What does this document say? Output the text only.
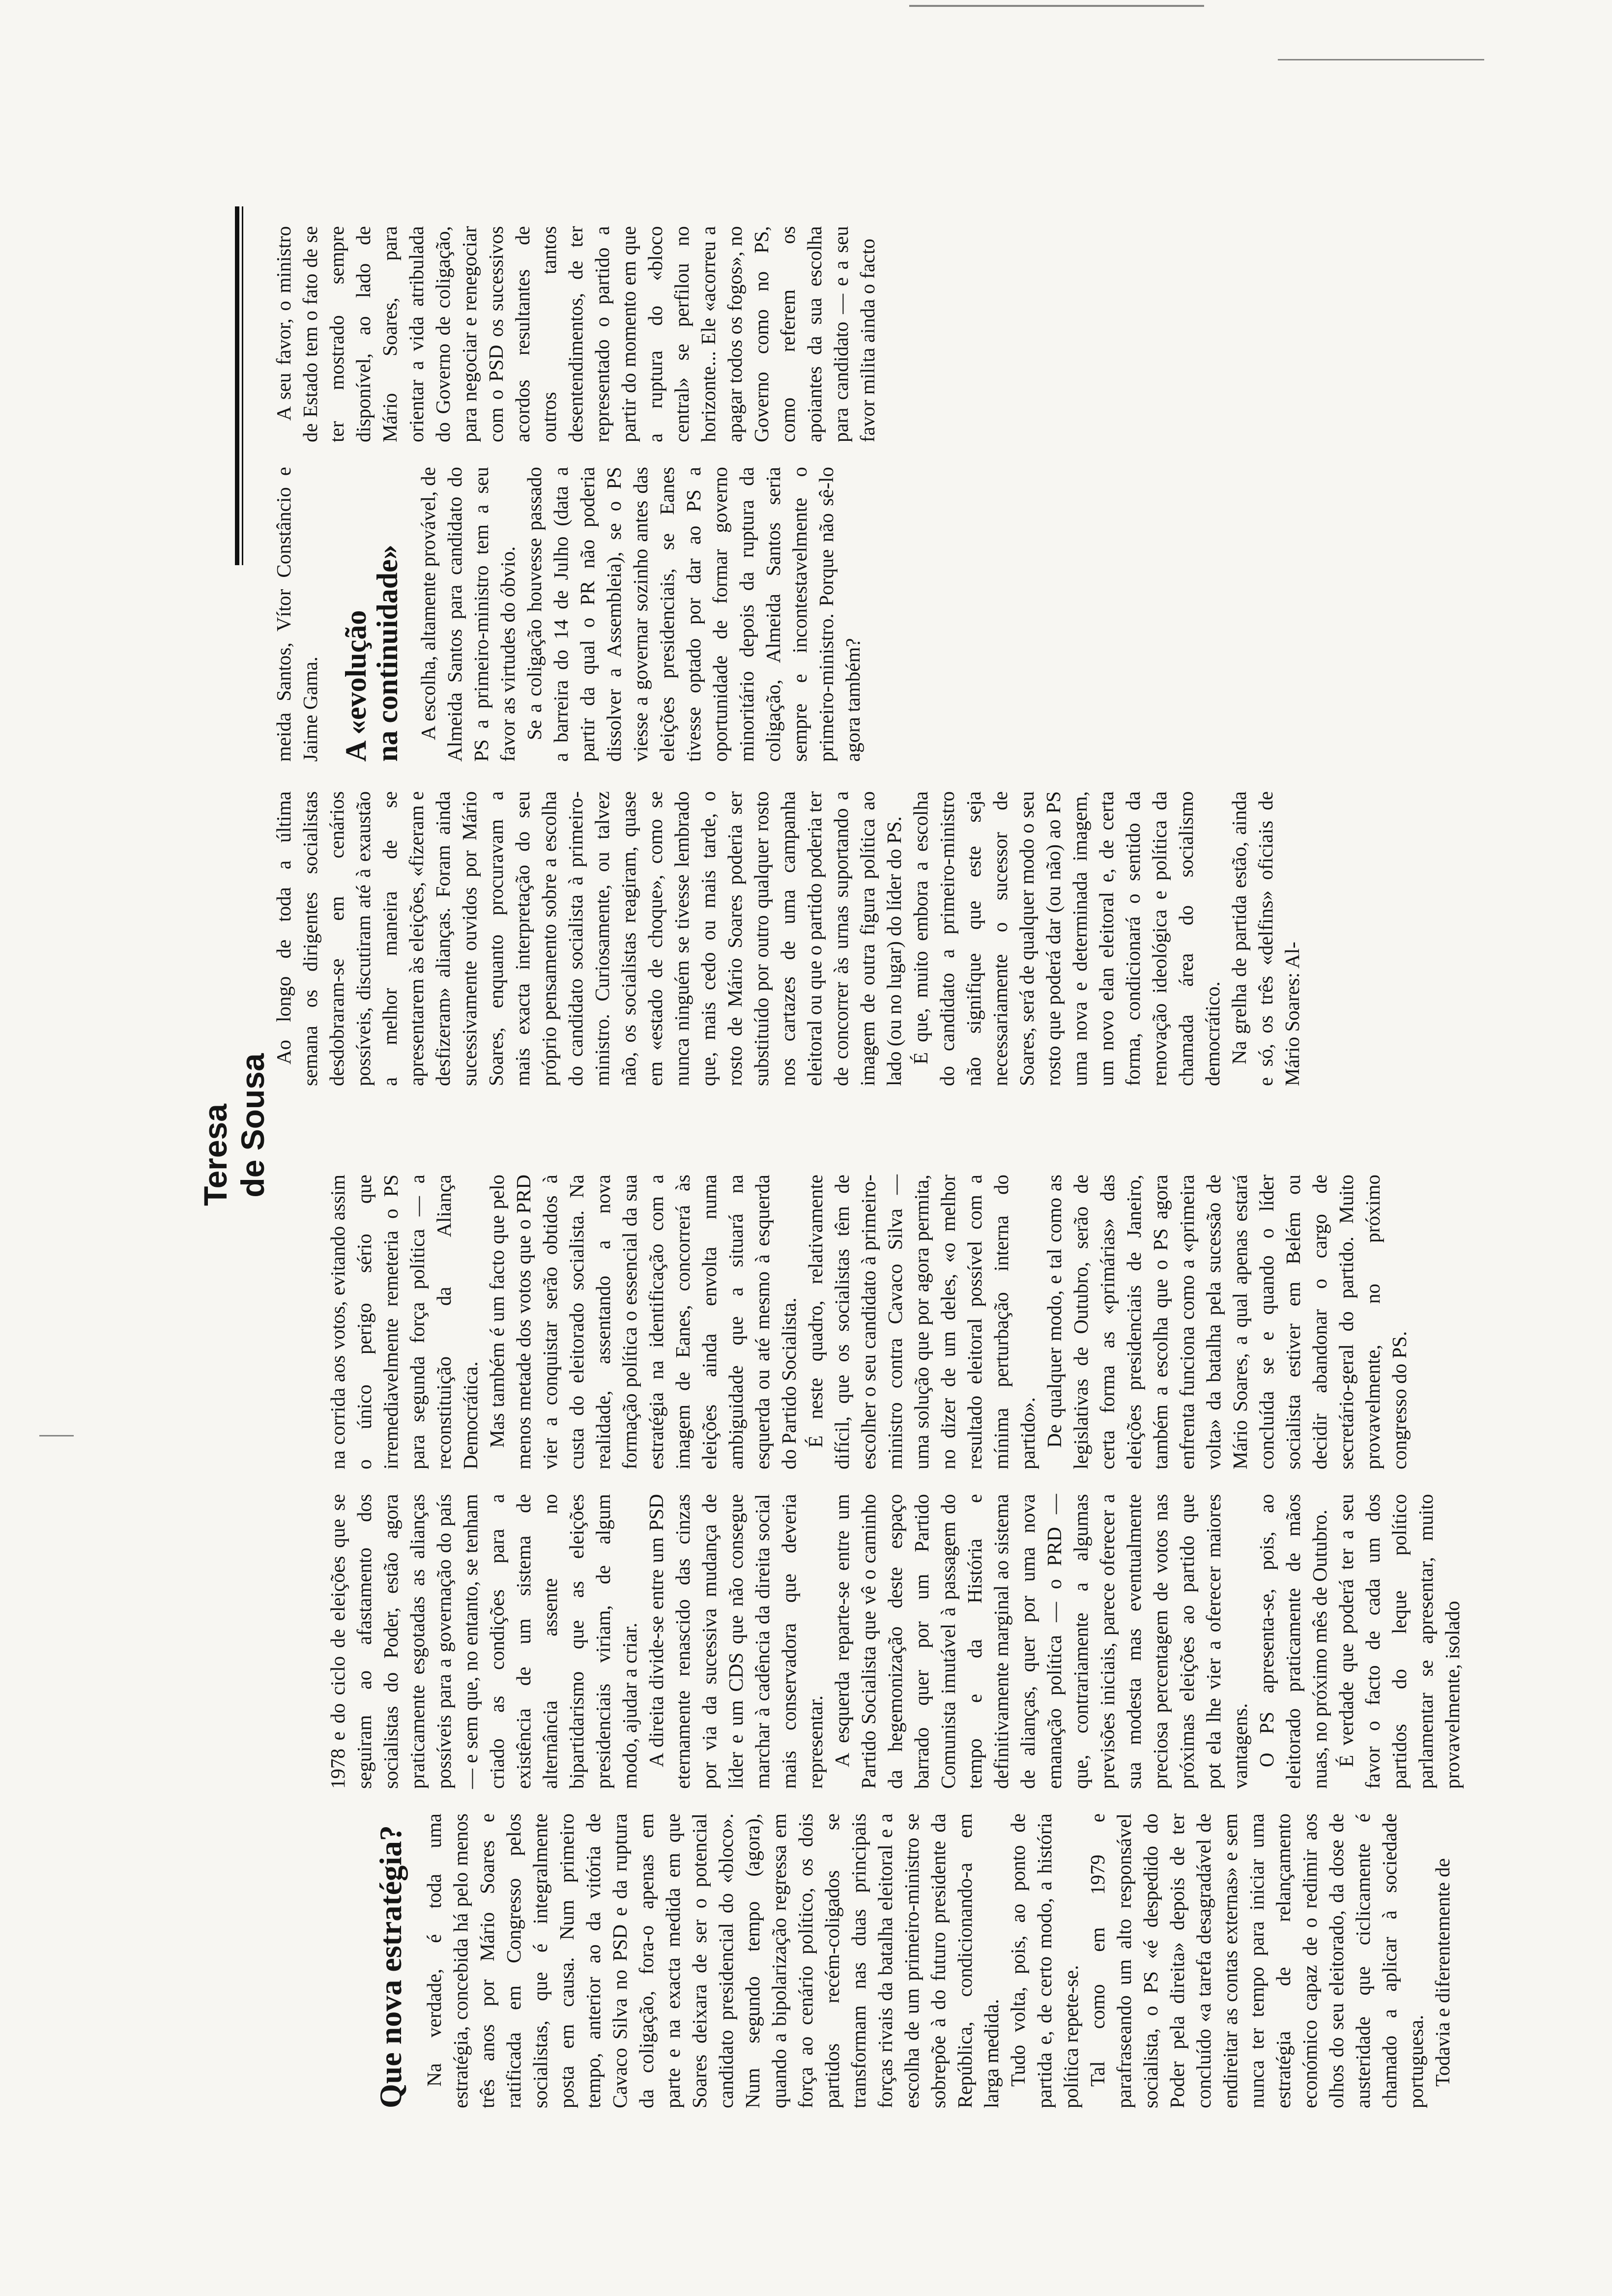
Teresa de Sousa
Que nova estratégia? Na verdade, é toda uma estratégia, concebida há pelo menos três anos por Mário Soares e ratificada em Congresso pelos socialistas, que é integralmente posta em causa. Num primeiro tempo, anterior ao da vitória de Cavaco Silva no PSD e da ruptura da coligação, fora-o apenas em parte e na exacta medida em que Soares deixara de ser o potencial candidato presidencial do «bloco». Num segundo tempo (agora), quando a bipolarização regressa em força ao cenário político, os dois partidos recém-coligados se transformam nas duas principais forças rivais da batalha eleitoral e a escolha de um primeiro-ministro se sobrepõe à do futuro presidente da República, condicionando-a em larga medida. Tudo volta, pois, ao ponto de partida e, de certo modo, a história política repete-se. Tal como em 1979 e parafraseando um alto responsável socialista, o PS «é despedido do Poder pela direita» depois de ter concluído «a tarefa desagradável de endireitar as contas externas» e sem nunca ter tempo para iniciar uma estratégia de relançamento económico capaz de o redimir aos olhos do seu eleitorado, da dose de austeridade que ciclicamente é chamado a aplicar à sociedade portuguesa. Todavia e diferentemente de

1978 e do ciclo de eleições que se seguiram ao afastamento dos socialistas do Poder, estão agora praticamente esgotadas as alianças possíveis para a governação do país — e sem que, no entanto, se tenham criado as condições para a existência de um sistema de alternância assente no bipartidarismo que as eleições presidenciais viriam, de algum modo, ajudar a criar. A direita divide-se entre um PSD eternamente renascido das cinzas por via da sucessiva mudança de líder e um CDS que não consegue marchar à cadência da direita social mais conservadora que deveria representar. A esquerda reparte-se entre um Partido Socialista que vê o caminho da hegemonização deste espaço barrado quer por um Partido Comunista imutável à passagem do tempo e da História e definitivamente marginal ao sistema de alianças, quer por uma nova emanação política — o PRD — que, contrariamente a algumas previsões iniciais, parece oferecer a sua modesta mas eventualmente preciosa percentagem de votos nas próximas eleições ao partido que pot ela lhe vier a oferecer maiores vantagens. O PS apresenta-se, pois, ao eleitorado praticamente de mãos nuas, no próximo mês de Outubro. É verdade que poderá ter a seu favor o facto de cada um dos partidos do leque político parlamentar se apresentar, muito provavelmente, isolado

na corrida aos votos, evitando assim o único perigo sério que irremediavelmente remeteria o PS para segunda força política — a reconstituição da Aliança Democrática. Mas também é um facto que pelo menos metade dos votos que o PRD vier a conquistar serão obtidos à custa do eleitorado socialista. Na realidade, assentando a nova formação política o essencial da sua estratégia na identificação com a imagem de Eanes, concorrerá às eleições ainda envolta numa ambiguidade que a situará na esquerda ou até mesmo à esquerda do Partido Socialista. É neste quadro, relativamente difícil, que os socialistas têm de escolher o seu candidato à primeiro-ministro contra Cavaco Silva — uma solução que por agora permita, no dizer de um deles, «o melhor resultado eleitoral possível com a mínima perturbação interna do partido». De qualquer modo, e tal como as legislativas de Outubro, serão de certa forma as «primárias» das eleições presidenciais de Janeiro, também a escolha que o PS agora enfrenta funciona como a «primeira volta» da batalha pela sucessão de Mário Soares, a qual apenas estará concluída se e quando o líder socialista estiver em Belém ou decidir abandonar o cargo de secretário-geral do partido. Muito provavelmente, no próximo congresso do PS.

Ao longo de toda a última semana os dirigentes socialistas desdobraram-se em cenários possíveis, discutiram até à exaustão a melhor maneira de se apresentarem às eleições, «fizeram e desfizeram» alianças. Foram ainda sucessivamente ouvidos por Mário Soares, enquanto procuravam a mais exacta interpretação do seu próprio pensamento sobre a escolha do candidato socialista à primeiro-ministro. Curiosamente, ou talvez não, os socialistas reagiram, quase em «estado de choque», como se nunca ninguém se tivesse lembrado que, mais cedo ou mais tarde, o rosto de Mário Soares poderia ser substituído por outro qualquer rosto nos cartazes de uma campanha eleitoral ou que o partido poderia ter de concorrer às urnas suportando a imagem de outra figura política ao lado (ou no lugar) do líder do PS. É que, muito embora a escolha do candidato a primeiro-ministro não signifique que este seja necessariamente o sucessor de Soares, será de qualquer modo o seu rosto que poderá dar (ou não) ao PS uma nova e determinada imagem, um novo elan eleitoral e, de certa forma, condicionará o sentido da renovação ideológica e política da chamada área do socialismo democrático. Na grelha de partida estão, ainda e só, os três «delfins» oficiais de Mário Soares: Al-

meida Santos, Vítor Constâncio e Jaime Gama. A «evolução
na continuidade» A escolha, altamente provável, de Almeida Santos para candidato do PS a primeiro-ministro tem a seu favor as virtudes do óbvio. Se a coligação houvesse passado a barreira do 14 de Julho (data a partir da qual o PR não poderia dissolver a Assembleia), se o PS viesse a governar sozinho antes das eleições presidenciais, se Eanes tivesse optado por dar ao PS a oportunidade de formar governo minoritário depois da ruptura da coligação, Almeida Santos seria sempre e incontestavelmente o primeiro-ministro. Porque não sê-lo agora também?

A seu favor, o ministro de Estado tem o fato de se ter mostrado sempre disponível, ao lado de Mário Soares, para orientar a vida atribulada do Governo de coligação, para negociar e renegociar com o PSD os sucessivos acordos resultantes de outros tantos desentendimentos, de ter representado o partido a partir do momento em que a ruptura do «bloco central» se perfilou no horizonte... Ele «acorreu a apagar todos os fogos», no Governo como no PS, como referem os apoiantes da sua escolha para candidato — e a seu favor milita ainda o facto
